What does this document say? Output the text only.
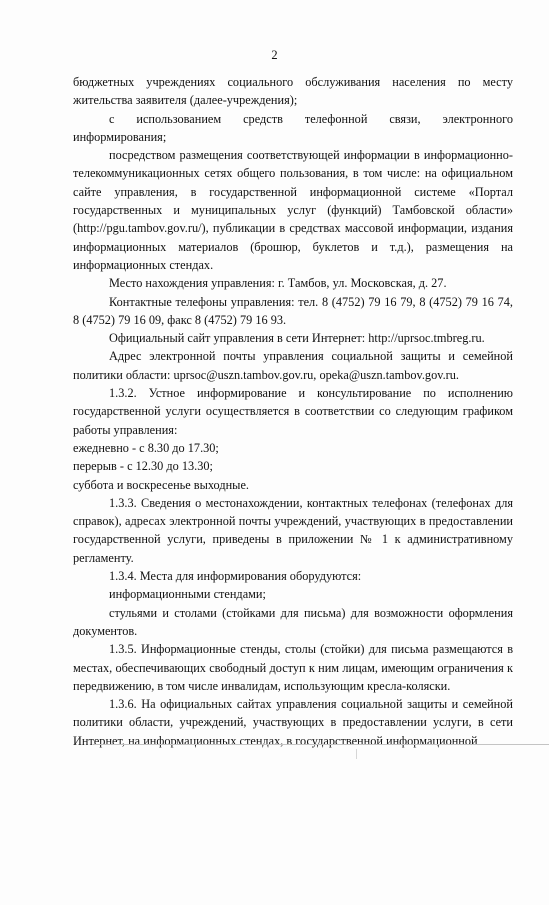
2

бюджетных учреждениях социального обслуживания населения по месту жительства заявителя (далее-учреждения);

с использованием средств телефонной связи, электронного информирования;

посредством размещения соответствующей информации в информационно-телекоммуникационных сетях общего пользования, в том числе: на официальном сайте управления, в государственной информационной системе «Портал государственных и муниципальных услуг (функций) Тамбовской области» (http://pgu.tambov.gov.ru/), публикации в средствах массовой информации, издания информационных материалов (брошюр, буклетов и т.д.), размещения на информационных стендах.

Место нахождения управления: г. Тамбов, ул. Московская, д. 27.

Контактные телефоны управления: тел. 8 (4752) 79 16 79, 8 (4752) 79 16 74, 8 (4752) 79 16 09, факс 8 (4752) 79 16 93.

Официальный сайт управления в сети Интернет: http://uprsoc.tmbreg.ru.

Адрес электронной почты управления социальной защиты и семейной политики области: uprsoc@uszn.tambov.gov.ru, opeka@uszn.tambov.gov.ru.

1.3.2. Устное информирование и консультирование по исполнению государственной услуги осуществляется в соответствии со следующим графиком работы управления:

ежедневно - с 8.30 до 17.30;

перерыв - с 12.30 до 13.30;

суббота и воскресенье выходные.

1.3.3. Сведения о местонахождении, контактных телефонах (телефонах для справок), адресах электронной почты учреждений, участвующих в предоставлении государственной услуги, приведены в приложении № 1 к административному регламенту.

1.3.4. Места для информирования оборудуются:

информационными стендами;

стульями и столами (стойками для письма) для возможности оформления документов.

1.3.5. Информационные стенды, столы (стойки) для письма размещаются в местах, обеспечивающих свободный доступ к ним лицам, имеющим ограничения к передвижению, в том числе инвалидам, использующим кресла-коляски.

1.3.6. На официальных сайтах управления социальной защиты и семейной политики области, учреждений, участвующих в предоставлении услуги, в сети Интернет, на информационных стендах, в государственной информационной
